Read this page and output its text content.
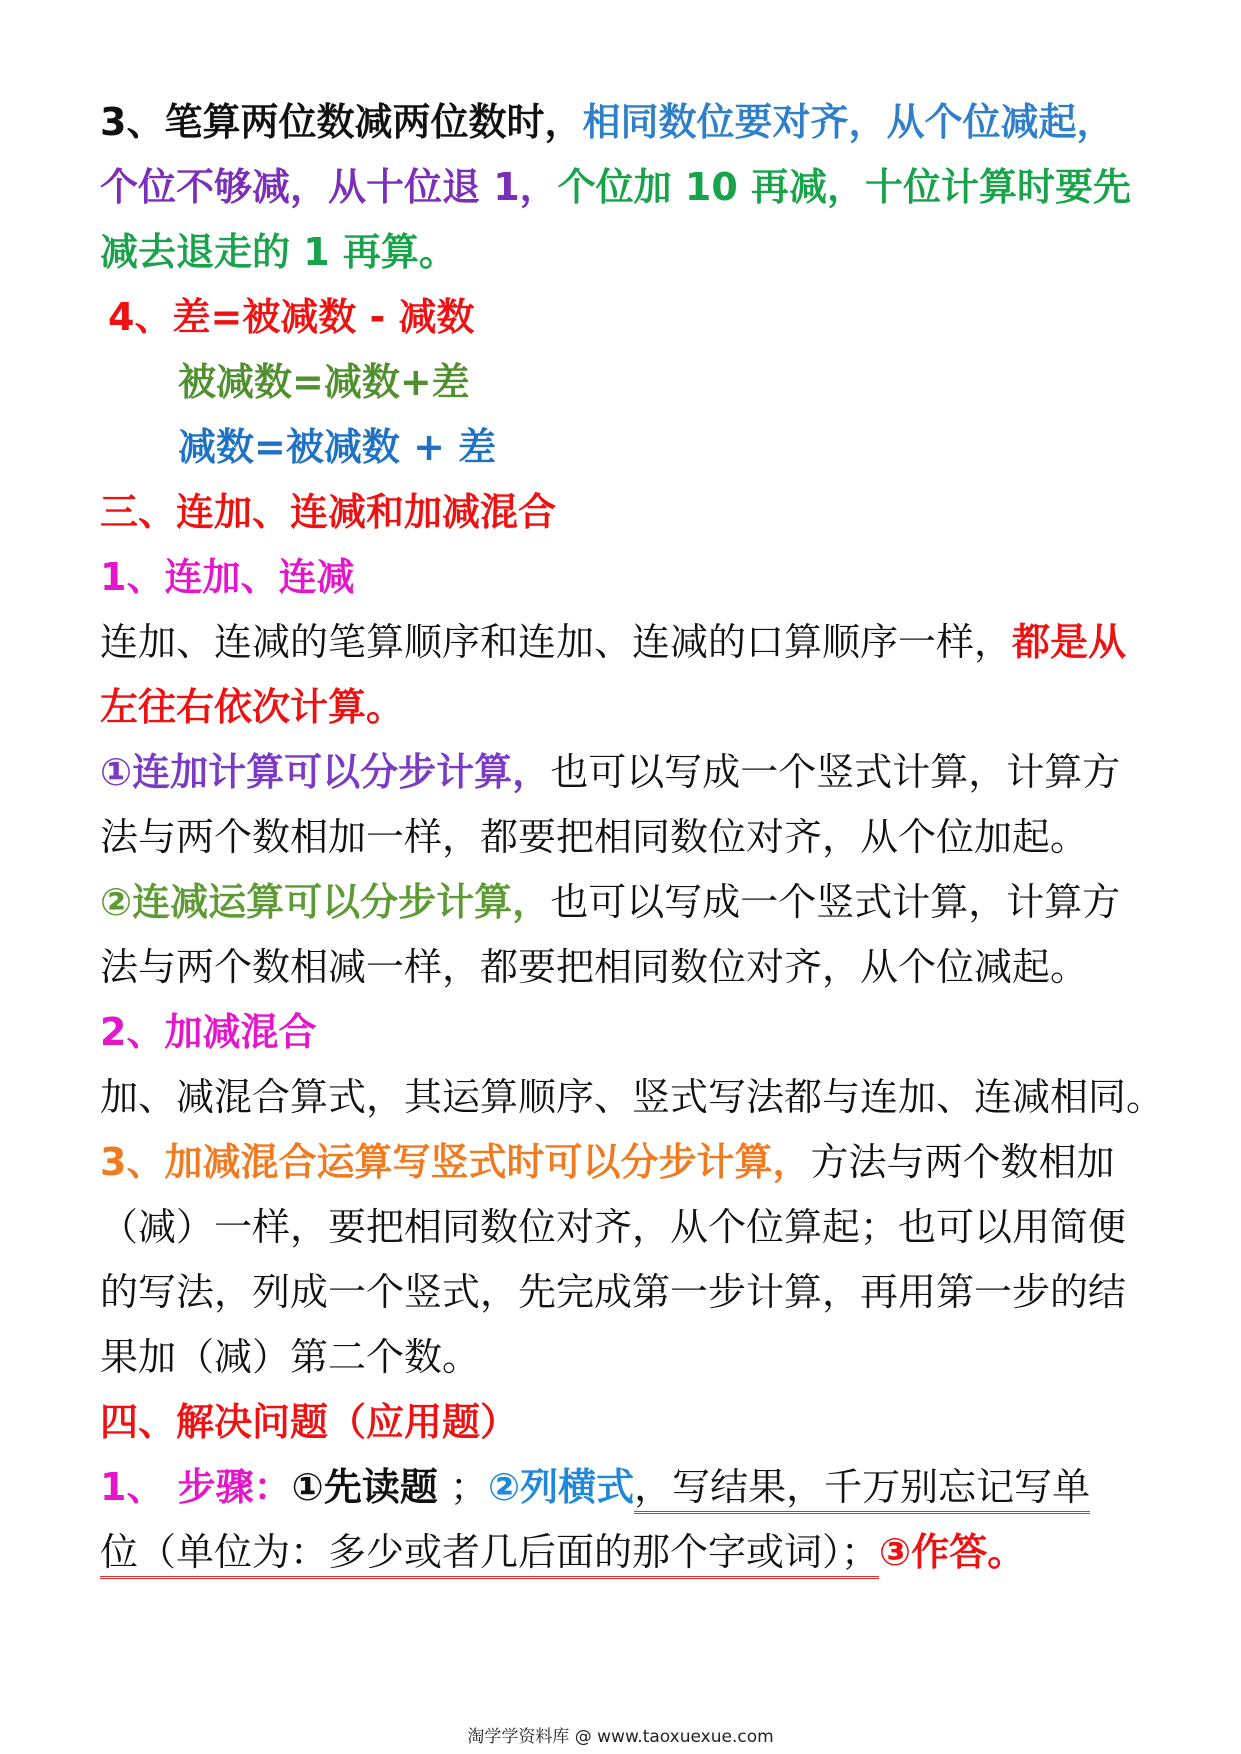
3、笔算两位数减两位数时，相同数位要对齐，从个位减起，
个位不够减，从十位退 1，个位加 10 再减，十位计算时要先
减去退走的 1 再算。
4、差=被减数 - 减数
被减数=减数+差
减数=被减数 + 差
三、连加、连减和加减混合
1、连加、连减
连加、连减的笔算顺序和连加、连减的口算顺序一样，都是从
左往右依次计算。
①连加计算可以分步计算，也可以写成一个竖式计算，计算方
法与两个数相加一样，都要把相同数位对齐，从个位加起。
②连减运算可以分步计算，也可以写成一个竖式计算，计算方
法与两个数相减一样，都要把相同数位对齐，从个位减起。
2、加减混合
加、减混合算式，其运算顺序、竖式写法都与连加、连减相同。
3、加减混合运算写竖式时可以分步计算，方法与两个数相加
（减）一样，要把相同数位对齐，从个位算起；也可以用简便
的写法，列成一个竖式，先完成第一步计算，再用第一步的结
果加（减）第二个数。
四、解决问题（应用题）
1、 步骤：①先读题 ；②列横式，写结果，千万别忘记写单
位（单位为：多少或者几后面的那个字或词）；③作答。
淘学学资料库 @ www.taoxuexue.com
